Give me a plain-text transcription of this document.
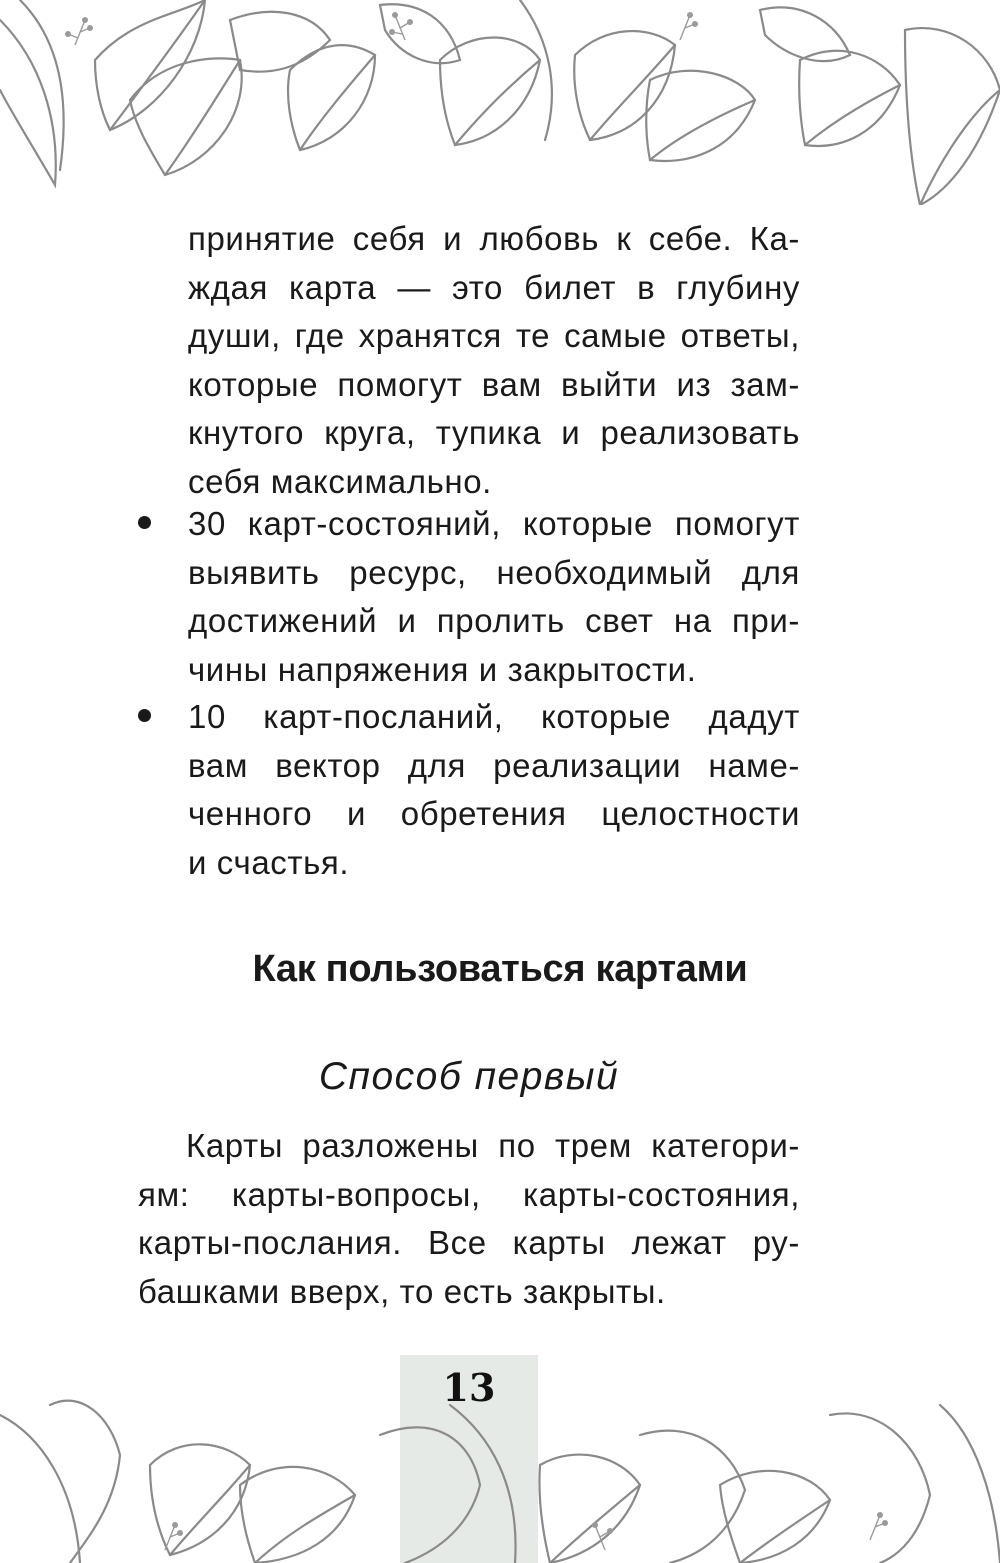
13
принятие себя и любовь к себе. Ка-
ждая карта — это билет в глубину
души, где хранятся те самые ответы,
которые помогут вам выйти из зам-
кнутого круга, тупика и реализовать
себя максимально.
30 карт-состояний, которые помогут
выявить ресурс, необходимый для
достижений и пролить свет на при-
чины напряжения и закрытости.
10 карт-посланий, которые дадут
вам вектор для реализации наме-
ченного и обретения целостности
и счастья.
Как пользоваться картами
Способ первый
Карты разложены по трем категори-
ям: карты-вопросы, карты-состояния,
карты-послания. Все карты лежат ру-
башками вверх, то есть закрыты.
